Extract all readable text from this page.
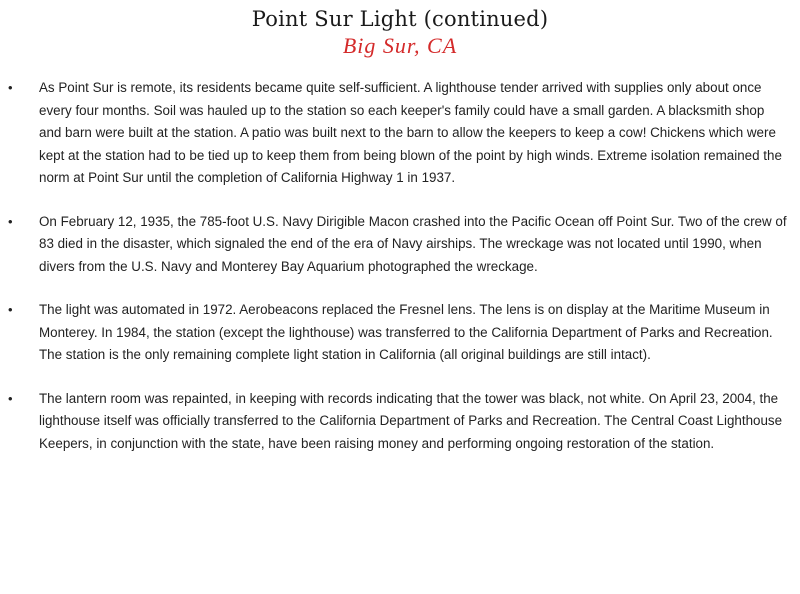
Point Sur Light (continued)
Big Sur, CA
•	As Point Sur is remote, its residents became quite self-sufficient. A lighthouse tender arrived with supplies only about once every four months. Soil was hauled up to the station so each keeper's family could have a small garden. A blacksmith shop and barn were built at the station. A patio was built next to the barn to allow the keepers to keep a cow! Chickens which were kept at the station had to be tied up to keep them from being blown of the point by high winds. Extreme isolation remained the norm at Point Sur until the completion of California Highway 1 in 1937.
•	On February 12, 1935, the 785-foot U.S. Navy Dirigible Macon crashed into the Pacific Ocean off Point Sur. Two of the crew of 83 died in the disaster, which signaled the end of the era of Navy airships. The wreckage was not located until 1990, when divers from the U.S. Navy and Monterey Bay Aquarium photographed the wreckage.
•	The light was automated in 1972. Aerobeacons replaced the Fresnel lens. The lens is on display at the Maritime Museum in Monterey. In 1984, the station (except the lighthouse) was transferred to the California Department of Parks and Recreation. The station is the only remaining complete light station in California (all original buildings are still intact).
•	The lantern room was repainted, in keeping with records indicating that the tower was black, not white. On April 23, 2004, the lighthouse itself was officially transferred to the California Department of Parks and Recreation. The Central Coast Lighthouse Keepers, in conjunction with the state, have been raising money and performing ongoing restoration of the station.
